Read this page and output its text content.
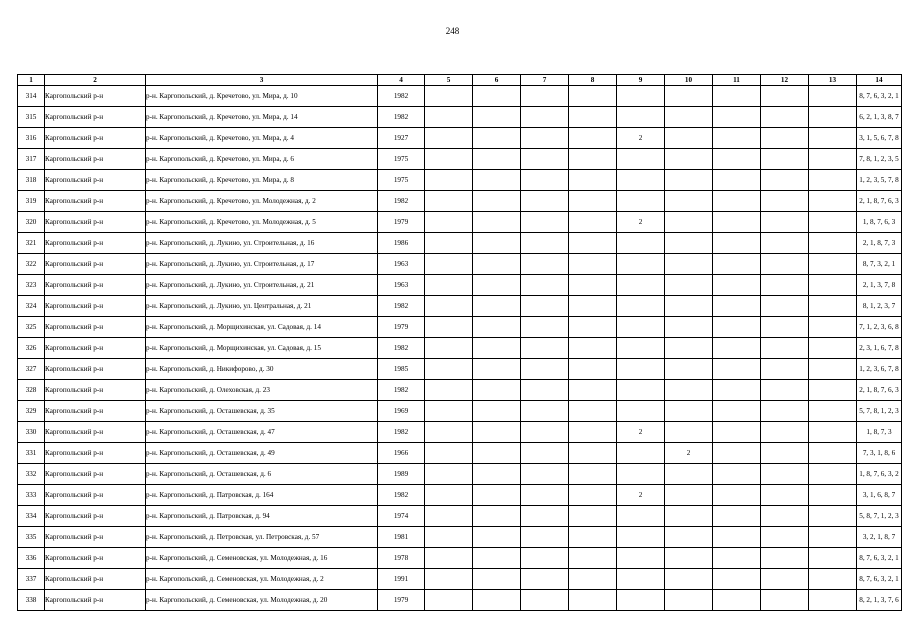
248
1	2	3	4	5	6	7	8	9	10	11	12	13	14
314	Каргопольский р-н	р-н. Каргопольский, д. Кречетово, ул. Мира, д. 10	1982										8, 7, 6, 3, 2, 1

315	Каргопольский р-н	р-н. Каргопольский, д. Кречетово, ул. Мира, д. 14	1982										6, 2, 1, 3, 8, 7

316	Каргопольский р-н	р-н. Каргопольский, д. Кречетово, ул. Мира, д. 4	1927					2					3, 1, 5, 6, 7, 8

317	Каргопольский р-н	р-н. Каргопольский, д. Кречетово, ул. Мира, д. 6	1975										7, 8, 1, 2, 3, 5

318	Каргопольский р-н	р-н. Каргопольский, д. Кречетово, ул. Мира, д. 8	1975										1, 2, 3, 5, 7, 8

319	Каргопольский р-н	р-н. Каргопольский, д. Кречетово, ул. Молодежная, д. 2	1982										2, 1, 8, 7, 6, 3

320	Каргопольский р-н	р-н. Каргопольский, д. Кречетово, ул. Молодежная, д. 5	1979					2					1, 8, 7, 6, 3

321	Каргопольский р-н	р-н. Каргопольский, д. Лукино, ул. Строительная, д. 16	1986										2, 1, 8, 7, 3

322	Каргопольский р-н	р-н. Каргопольский, д. Лукино, ул. Строительная, д. 17	1963										8, 7, 3, 2, 1

323	Каргопольский р-н	р-н. Каргопольский, д. Лукино, ул. Строительная, д. 21	1963										2, 1, 3, 7, 8

324	Каргопольский р-н	р-н. Каргопольский, д. Лукино, ул. Центральная, д. 21	1982										8, 1, 2, 3, 7

325	Каргопольский р-н	р-н. Каргопольский, д. Морщихинская, ул. Садовая, д. 14	1979										7, 1, 2, 3, 6, 8

326	Каргопольский р-н	р-н. Каргопольский, д. Морщихинская, ул. Садовая, д. 15	1982										2, 3, 1, 6, 7, 8

327	Каргопольский р-н	р-н. Каргопольский, д. Никифорово, д. 30	1985										1, 2, 3, 6, 7, 8

328	Каргопольский р-н	р-н. Каргопольский, д. Олеховская, д. 23	1982										2, 1, 8, 7, 6, 3

329	Каргопольский р-н	р-н. Каргопольский, д. Осташевская, д. 35	1969										5, 7, 8, 1, 2, 3

330	Каргопольский р-н	р-н. Каргопольский, д. Осташевская, д. 47	1982					2					1, 8, 7, 3

331	Каргопольский р-н	р-н. Каргопольский, д. Осташевская, д. 49	1966						2				7, 3, 1, 8, 6

332	Каргопольский р-н	р-н. Каргопольский, д. Осташевская, д. 6	1989										1, 8, 7, 6, 3, 2

333	Каргопольский р-н	р-н. Каргопольский, д. Патровская, д. 164	1982					2					3, 1, 6, 8, 7

334	Каргопольский р-н	р-н. Каргопольский, д. Патровская, д. 94	1974										5, 8, 7, 1, 2, 3

335	Каргопольский р-н	р-н. Каргопольский, д. Петровская, ул. Петровская, д. 57	1981										3, 2, 1, 8, 7

336	Каргопольский р-н	р-н. Каргопольский, д. Семеновская, ул. Молодежная, д. 16	1978										8, 7, 6, 3, 2, 1

337	Каргопольский р-н	р-н. Каргопольский, д. Семеновская, ул. Молодежная, д. 2	1991										8, 7, 6, 3, 2, 1

338	Каргопольский р-н	р-н. Каргопольский, д. Семеновская, ул. Молодежная, д. 20	1979										8, 2, 1, 3, 7, 6
